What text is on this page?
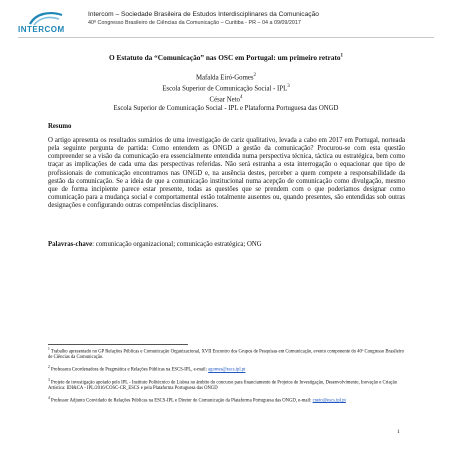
INTERCOM
Intercom – Sociedade Brasileira de Estudos Interdisciplinares da Comunicação
40º Congresso Brasileiro de Ciências da Comunicação – Curitiba - PR – 04 a 09/09/2017
O Estatuto da “Comunicação” nas OSC em Portugal: um primeiro retrato$^1$
Mafalda Eiró-Gomes$^2$
Escola Superior de Comunicação Social - IPL$^3$
César Neto$^4$
Escola Superior de Comunicação Social - IPL e Plataforma Portuguesa das ONGD
Resumo
O artigo apresenta os resultados sumários de uma investigação de cariz qualitativo, levada a cabo em 2017 em Portugal, norteada pela seguinte pergunta de partida: Como entendem as ONGD a gestão da comunicação? Procurou-se com esta questão compreender se a visão da comunicação era essencialmente entendida numa perspectiva técnica, táctica ou estratégica, bem como traçar as implicações de cada uma das perspectivas referidas. Não será estranha a esta interrogação o equacionar que tipo de profissionais de comunicação encontramos nas ONGD e, na ausência destes, perceber a quem compete a responsabilidade da gestão da comunicação. Se a ideia de que a comunicação institucional numa acepção de comunicação como divulgação, mesmo que de forma incipiente parece estar presente, todas as questões que se prendem com o que poderíamos designar como comunicação para a mudança social e comportamental estão totalmente ausentes ou, quando presentes, são entendidas sob outras designações e configurando outras competências disciplinares.
Palavras-chave: comunicação organizacional; comunicação estratégica; ONG
$^1$ Trabalho apresentado no GP Relações Públicas e Comunicação Organizacional, XVII Encontro dos Grupos de Pesquisas em Comunicação, evento componente do 40º Congresso Brasileiro de Ciências da Comunicação.
$^2$ Professora Coordenadora de Pragmática e Relações Públicas na ESCS-IPL, e-mail: agomes@escs.ipl.pt
$^3$ Projeto de investigação apoiado pelo IPL - Instituto Politécnico de Lisboa no âmbito do concurso para financiamento de Projetos de Investigação, Desenvolvimento, Inovação e Criação Artística: IDI&CA - IPL/2016/COSC-CR_ESCS e pela Plataforma Portuguesa das ONGD
$^4$ Professor Adjunto Convidado de Relações Públicas na ESCS-IPL e Diretor de Comunicação da Plataforma Portuguesa das ONGD, e-mail: cneto@escs.ipl.pt
1
